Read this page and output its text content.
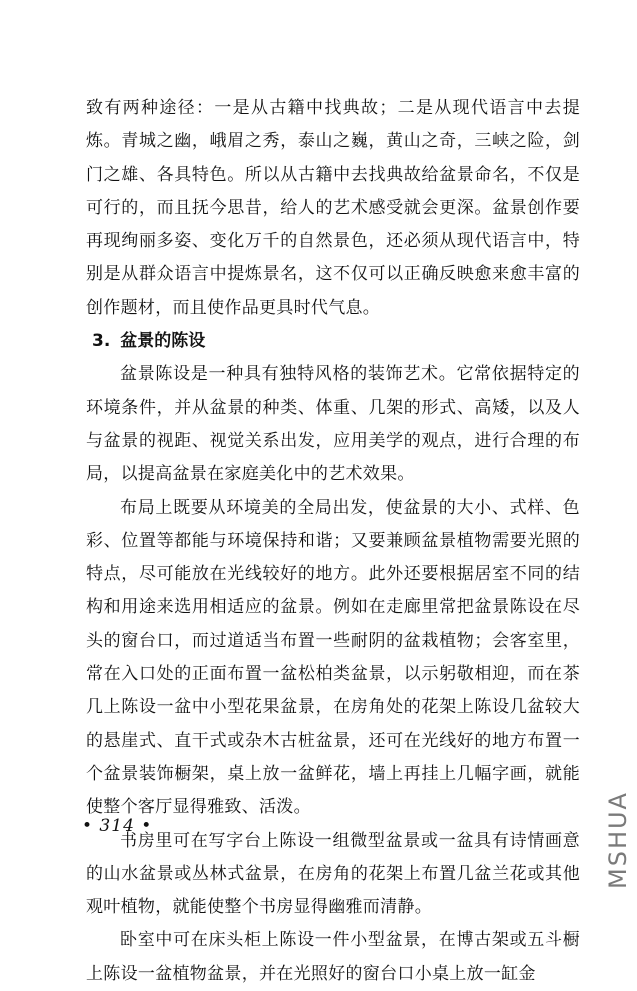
致有两种途径：一是从古籍中找典故；二是从现代语言中去提炼。青城之幽，峨眉之秀，泰山之巍，黄山之奇，三峡之险，剑门之雄、各具特色。所以从古籍中去找典故给盆景命名，不仅是可行的，而且抚今思昔，给人的艺术感受就会更深。盆景创作要再现绚丽多姿、变化万千的自然景色，还必须从现代语言中，特别是从群众语言中提炼景名，这不仅可以正确反映愈来愈丰富的创作题材，而且使作品更具时代气息。

3. 盆景的陈设

盆景陈设是一种具有独特风格的装饰艺术。它常依据特定的环境条件，并从盆景的种类、体重、几架的形式、高矮，以及人与盆景的视距、视觉关系出发，应用美学的观点，进行合理的布局，以提高盆景在家庭美化中的艺术效果。

布局上既要从环境美的全局出发，使盆景的大小、式样、色彩、位置等都能与环境保持和谐；又要兼顾盆景植物需要光照的特点，尽可能放在光线较好的地方。此外还要根据居室不同的结构和用途来选用相适应的盆景。例如在走廊里常把盆景陈设在尽头的窗台口，而过道适当布置一些耐阴的盆栽植物；会客室里，常在入口处的正面布置一盆松柏类盆景，以示躬敬相迎，而在茶几上陈设一盆中小型花果盆景，在房角处的花架上陈设几盆较大的悬崖式、直干式或杂木古桩盆景，还可在光线好的地方布置一个盆景装饰橱架，桌上放一盆鲜花，墙上再挂上几幅字画，就能使整个客厅显得雅致、活泼。

书房里可在写字台上陈设一组微型盆景或一盆具有诗情画意的山水盆景或丛林式盆景，在房角的花架上布置几盆兰花或其他观叶植物，就能使整个书房显得幽雅而清静。

卧室中可在床头柜上陈设一件小型盆景，在博古架或五斗橱上陈设一盆植物盆景，并在光照好的窗台口小桌上放一缸金

• 314 •	MSHUA
